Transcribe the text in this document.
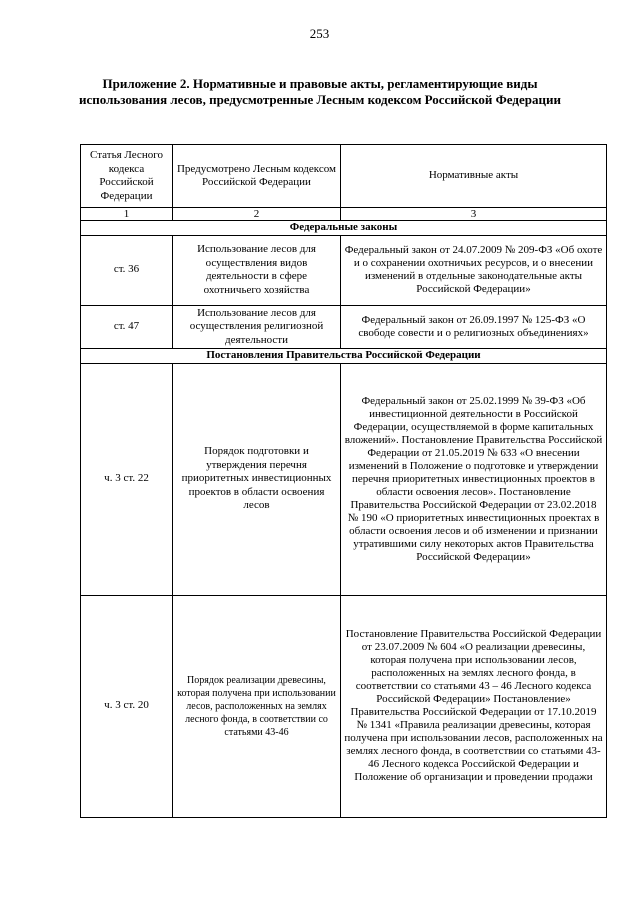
253
Приложение 2. Нормативные и правовые акты, регламентирующие виды использования лесов, предусмотренные Лесным кодексом Российской Федерации
Статья Лесного кодекса Российской Федерации	Предусмотрено Лесным кодексом Российской Федерации	Нормативные акты
1	2	3
Федеральные законы		
ст. 36	Использование лесов для осуществления видов деятельности в сфере охотничьего хозяйства	Федеральный закон от 24.07.2009 № 209-ФЗ «Об охоте и о сохранении охотничьих ресурсов, и о внесении изменений в отдельные законодательные акты Российской Федерации»
ст. 47	Использование лесов для осуществления религиозной деятельности	Федеральный закон от 26.09.1997 № 125-ФЗ «О свободе совести и о религиозных объединениях»
Постановления Правительства Российской Федерации		
ч. 3 ст. 22	Порядок подготовки и утверждения перечня приоритетных инвестиционных проектов в области освоения лесов	Федеральный закон от 25.02.1999 № 39-ФЗ «Об инвестиционной деятельности в Российской Федерации, осуществляемой в форме капитальных вложений». Постановление Правительства Российской Федерации от 21.05.2019 № 633 «О внесении изменений в Положение о подготовке и утверждении перечня приоритетных инвестиционных проектов в области освоения лесов». Постановление Правительства Российской Федерации от 23.02.2018 № 190 «О приоритетных инвестиционных проектах в области освоения лесов и об изменении и признании утратившими силу некоторых актов Правительства Российской Федерации»
ч. 3 ст. 20	Порядок реализации древесины, которая получена при использовании лесов, расположенных на землях лесного фонда, в соответствии со статьями 43-46	Постановление Правительства Российской Федерации от 23.07.2009 № 604 «О реализации древесины, которая получена при использовании лесов, расположенных на землях лесного фонда, в соответствии со статьями 43 – 46 Лесного кодекса Российской Федерации» Постановление» Правительства Российской Федерации от 17.10.2019 № 1341 «Правила реализации древесины, которая получена при использовании лесов, расположенных на землях лесного фонда, в соответствии со статьями 43-46 Лесного кодекса Российской Федерации и Положение об организации и проведении продажи
